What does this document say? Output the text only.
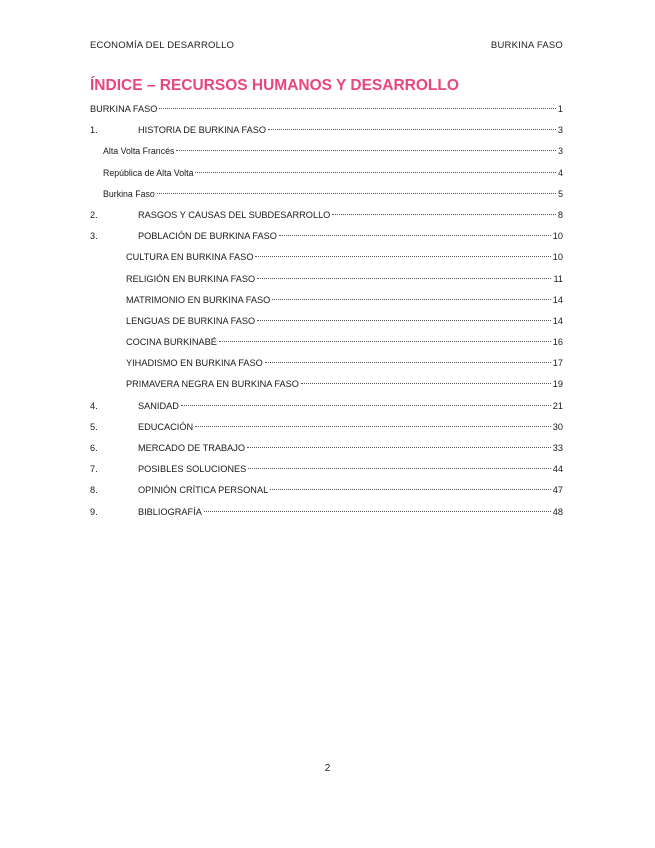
ECONOMÍA DEL DESARROLLO	BURKINA FASO
ÍNDICE – RECURSOS HUMANOS Y DESARROLLO
BURKINA FASO	1
1.	HISTORIA DE BURKINA FASO	3
Alta Volta Francés	3
República de Alta Volta	4
Burkina Faso	5
2.	RASGOS Y CAUSAS DEL SUBDESARROLLO	8
3.	POBLACIÓN DE BURKINA FASO	10
CULTURA EN BURKINA FASO	10
RELIGIÓN EN BURKINA FASO	11
MATRIMONIO EN BURKINA FASO	14
LENGUAS DE BURKINA FASO	14
COCINA BURKINABÉ	16
YIHADISMO EN BURKINA FASO	17
PRIMAVERA NEGRA EN BURKINA FASO	19
4.	SANIDAD	21
5.	EDUCACIÓN	30
6.	MERCADO DE TRABAJO	33
7.	POSIBLES SOLUCIONES	44
8.	OPINIÓN CRÍTICA PERSONAL	47
9.	BIBLIOGRAFÍA	48
2
